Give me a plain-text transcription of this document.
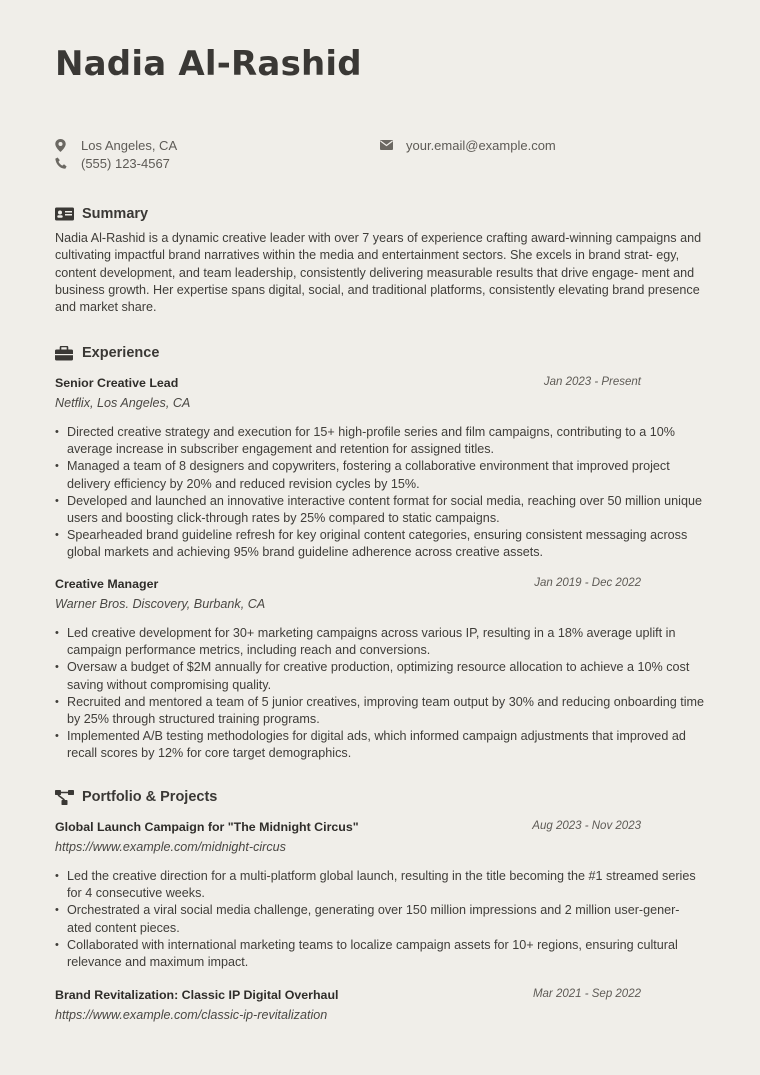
Nadia Al-Rashid
Los Angeles, CA
(555) 123-4567
your.email@example.com
Summary
Nadia Al-Rashid is a dynamic creative leader with over 7 years of experience crafting award-winning campaigns and cultivating impactful brand narratives within the media and entertainment sectors. She excels in brand strat- egy, content development, and team leadership, consistently delivering measurable results that drive engage- ment and business growth. Her expertise spans digital, social, and traditional platforms, consistently elevating brand presence and market share.
Experience
Senior Creative Lead	Jan 2023 - Present
Netflix, Los Angeles, CA
• Directed creative strategy and execution for 15+ high-profile series and film campaigns, contributing to a 10% average increase in subscriber engagement and retention for assigned titles.
• Managed a team of 8 designers and copywriters, fostering a collaborative environment that improved project delivery efficiency by 20% and reduced revision cycles by 15%.
• Developed and launched an innovative interactive content format for social media, reaching over 50 million unique users and boosting click-through rates by 25% compared to static campaigns.
• Spearheaded brand guideline refresh for key original content categories, ensuring consistent messaging across global markets and achieving 95% brand guideline adherence across creative assets.
Creative Manager	Jan 2019 - Dec 2022
Warner Bros. Discovery, Burbank, CA
• Led creative development for 30+ marketing campaigns across various IP, resulting in a 18% average uplift in campaign performance metrics, including reach and conversions.
• Oversaw a budget of $2M annually for creative production, optimizing resource allocation to achieve a 10% cost saving without compromising quality.
• Recruited and mentored a team of 5 junior creatives, improving team output by 30% and reducing onboarding time by 25% through structured training programs.
• Implemented A/B testing methodologies for digital ads, which informed campaign adjustments that improved ad recall scores by 12% for core target demographics.
Portfolio & Projects
Global Launch Campaign for "The Midnight Circus"	Aug 2023 - Nov 2023
https://www.example.com/midnight-circus
• Led the creative direction for a multi-platform global launch, resulting in the title becoming the #1 streamed series for 4 consecutive weeks.
• Orchestrated a viral social media challenge, generating over 150 million impressions and 2 million user-gener- ated content pieces.
• Collaborated with international marketing teams to localize campaign assets for 10+ regions, ensuring cultural relevance and maximum impact.
Brand Revitalization: Classic IP Digital Overhaul	Mar 2021 - Sep 2022
https://www.example.com/classic-ip-revitalization
